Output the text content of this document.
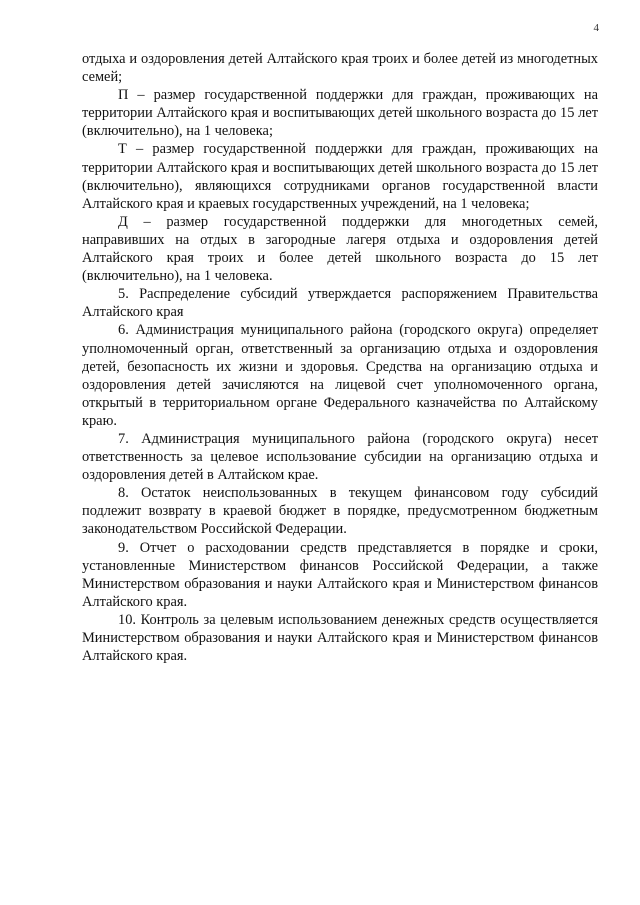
4

отдыха и оздоровления детей Алтайского края троих и более детей из многодетных семей;

П – размер государственной поддержки для граждан, проживающих на территории Алтайского края и воспитывающих детей школьного возраста до 15 лет (включительно), на 1 человека;

Т – размер государственной поддержки для граждан, проживающих на территории Алтайского края и воспитывающих детей школьного возраста до 15 лет (включительно), являющихся сотрудниками органов государственной власти Алтайского края и краевых государственных учреждений, на 1 человека;

Д – размер государственной поддержки для многодетных семей, направивших на отдых в загородные лагеря отдыха и оздоровления детей Алтайского края троих и более детей школьного возраста до 15 лет (включительно), на 1 человека.

5. Распределение субсидий утверждается распоряжением Правительства Алтайского края

6. Администрация муниципального района (городского округа) определяет уполномоченный орган, ответственный за организацию отдыха и оздоровления детей, безопасность их жизни и здоровья. Средства на организацию отдыха и оздоровления детей зачисляются на лицевой счет уполномоченного органа, открытый в территориальном органе Федерального казначейства по Алтайскому краю.

7. Администрация муниципального района (городского округа) несет ответственность за целевое использование субсидии на организацию отдыха и оздоровления детей в Алтайском крае.

8. Остаток неиспользованных в текущем финансовом году субсидий подлежит возврату в краевой бюджет в порядке, предусмотренном бюджетным законодательством Российской Федерации.

9. Отчет о расходовании средств представляется в порядке и сроки, установленные Министерством финансов Российской Федерации, а также Министерством образования и науки Алтайского края и Министерством финансов Алтайского края.

10. Контроль за целевым использованием денежных средств осуществляется Министерством образования и науки Алтайского края и Министерством финансов Алтайского края.
